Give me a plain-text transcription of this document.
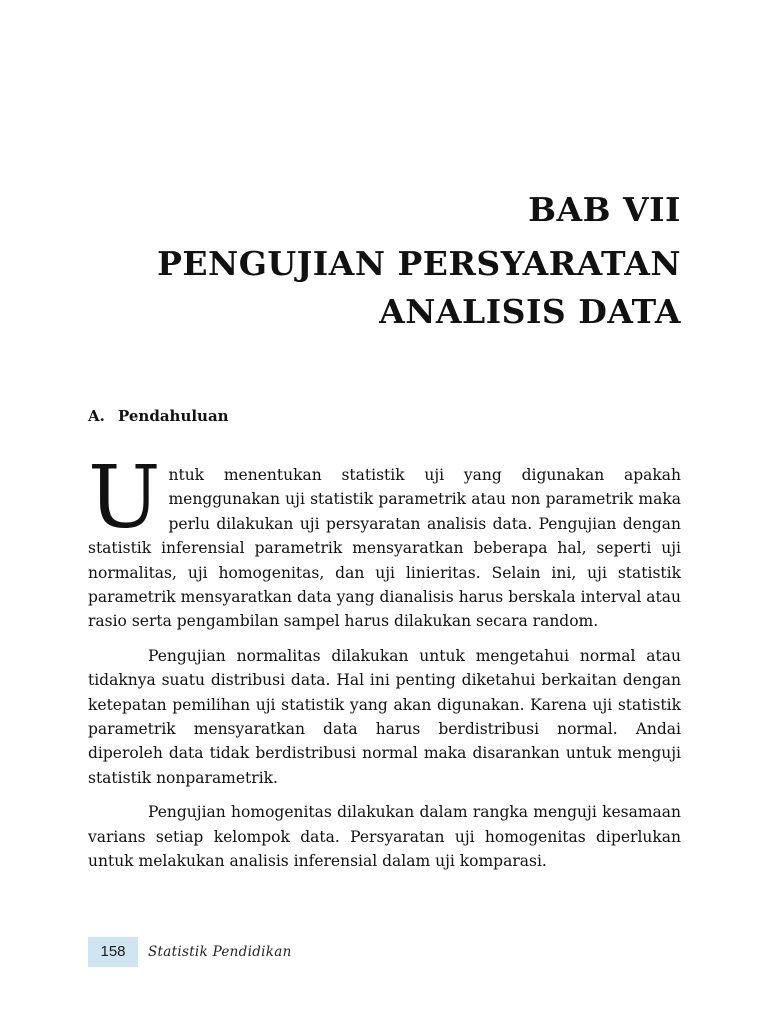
BAB VII
PENGUJIAN PERSYARATAN
ANALISIS DATA
A. Pendahuluan

Untuk menentukan statistik uji yang digunakan apakah menggunakan uji statistik parametrik atau non parametrik maka perlu dilakukan uji persyaratan analisis data. Pengujian dengan statistik inferensial parametrik mensyaratkan beberapa hal, seperti uji normalitas, uji homogenitas, dan uji linieritas. Selain ini, uji statistik parametrik mensyaratkan data yang dianalisis harus berskala interval atau rasio serta pengambilan sampel harus dilakukan secara random.

Pengujian normalitas dilakukan untuk mengetahui normal atau tidaknya suatu distribusi data. Hal ini penting diketahui berkaitan dengan ketepatan pemilihan uji statistik yang akan digunakan. Karena uji statistik parametrik mensyaratkan data harus berdistribusi normal. Andai diperoleh data tidak berdistribusi normal maka disarankan untuk menguji statistik nonparametrik.

Pengujian homogenitas dilakukan dalam rangka menguji kesamaan varians setiap kelompok data. Persyaratan uji homogenitas diperlukan untuk melakukan analisis inferensial dalam uji komparasi.

158	Statistik Pendidikan
